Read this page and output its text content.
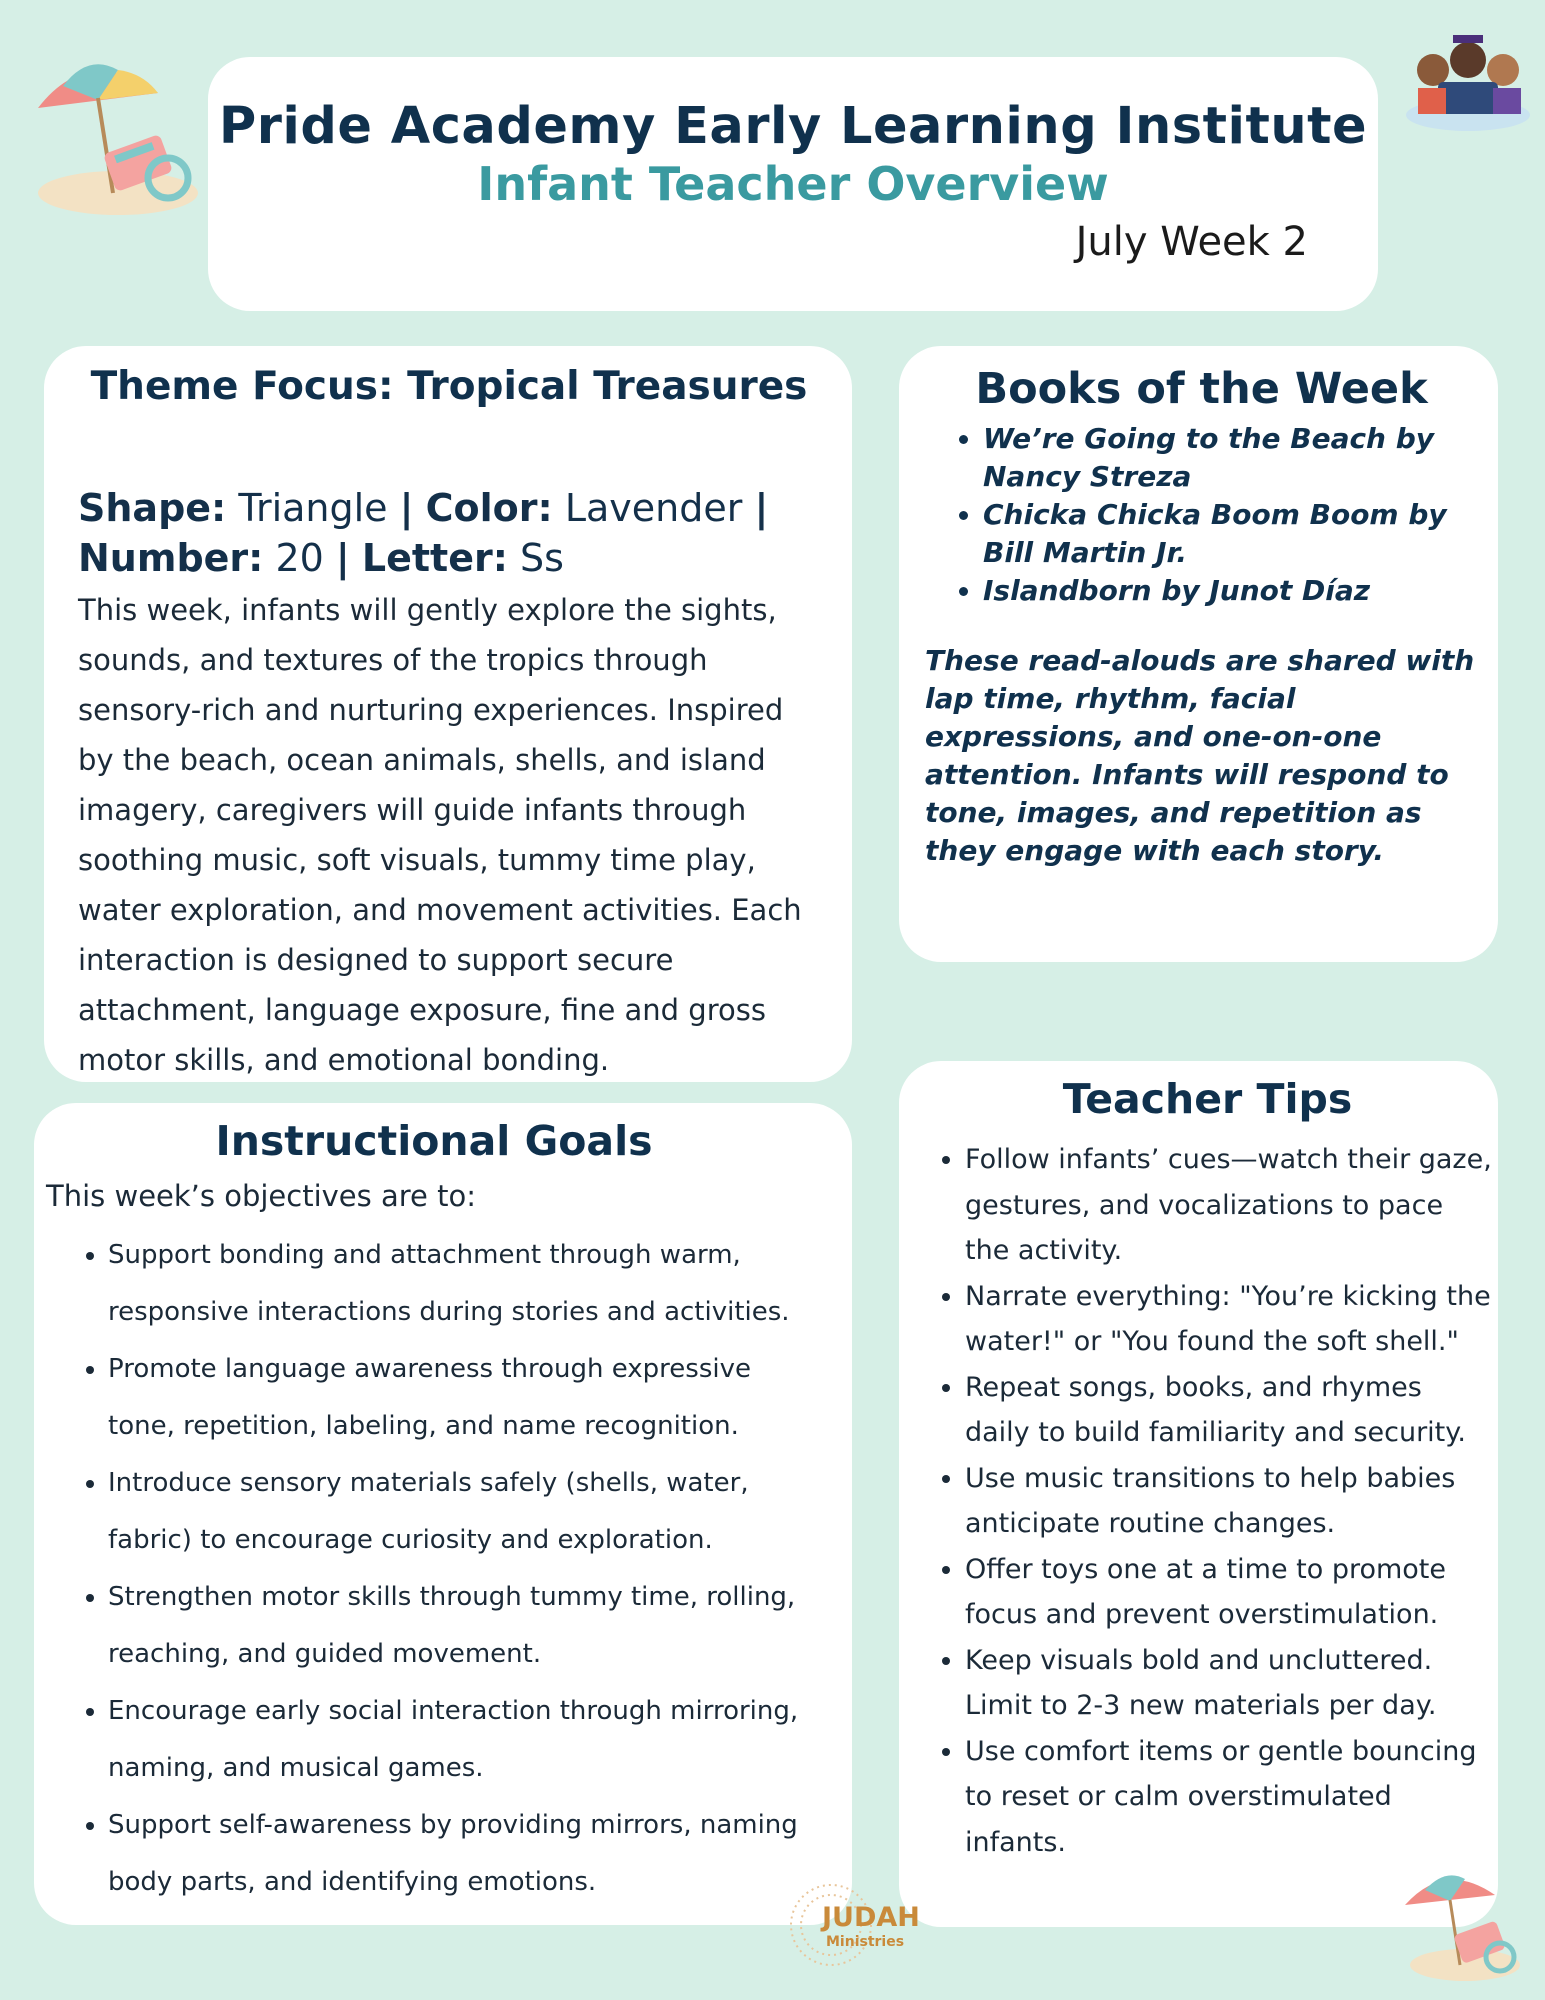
Pride Academy Early Learning Institute
Infant Teacher Overview
July Week 2
Theme Focus: Tropical Treasures
Shape: Triangle | Color: Lavender |
Number: 20 | Letter: Ss
This week, infants will gently explore the sights, sounds, and textures of the tropics through sensory-rich and nurturing experiences. Inspired by the beach, ocean animals, shells, and island imagery, caregivers will guide infants through soothing music, soft visuals, tummy time play, water exploration, and movement activities. Each interaction is designed to support secure attachment, language exposure, fine and gross motor skills, and emotional bonding.
Books of the Week
• We’re Going to the Beach by Nancy Streza
• Chicka Chicka Boom Boom by Bill Martin Jr.
• Islandborn by Junot Díaz
These read-alouds are shared with lap time, rhythm, facial expressions, and one-on-one attention. Infants will respond to tone, images, and repetition as they engage with each story.
Instructional Goals
This week’s objectives are to:
• Support bonding and attachment through warm, responsive interactions during stories and activities.
• Promote language awareness through expressive tone, repetition, labeling, and name recognition.
• Introduce sensory materials safely (shells, water, fabric) to encourage curiosity and exploration.
• Strengthen motor skills through tummy time, rolling, reaching, and guided movement.
• Encourage early social interaction through mirroring, naming, and musical games.
• Support self-awareness by providing mirrors, naming body parts, and identifying emotions.
Teacher Tips
• Follow infants’ cues—watch their gaze, gestures, and vocalizations to pace the activity.
• Narrate everything: "You’re kicking the water!" or "You found the soft shell."
• Repeat songs, books, and rhymes daily to build familiarity and security.
• Use music transitions to help babies anticipate routine changes.
• Offer toys one at a time to promote focus and prevent overstimulation.
• Keep visuals bold and uncluttered. Limit to 2-3 new materials per day.
• Use comfort items or gentle bouncing to reset or calm overstimulated infants.
JUDAH
Ministries
